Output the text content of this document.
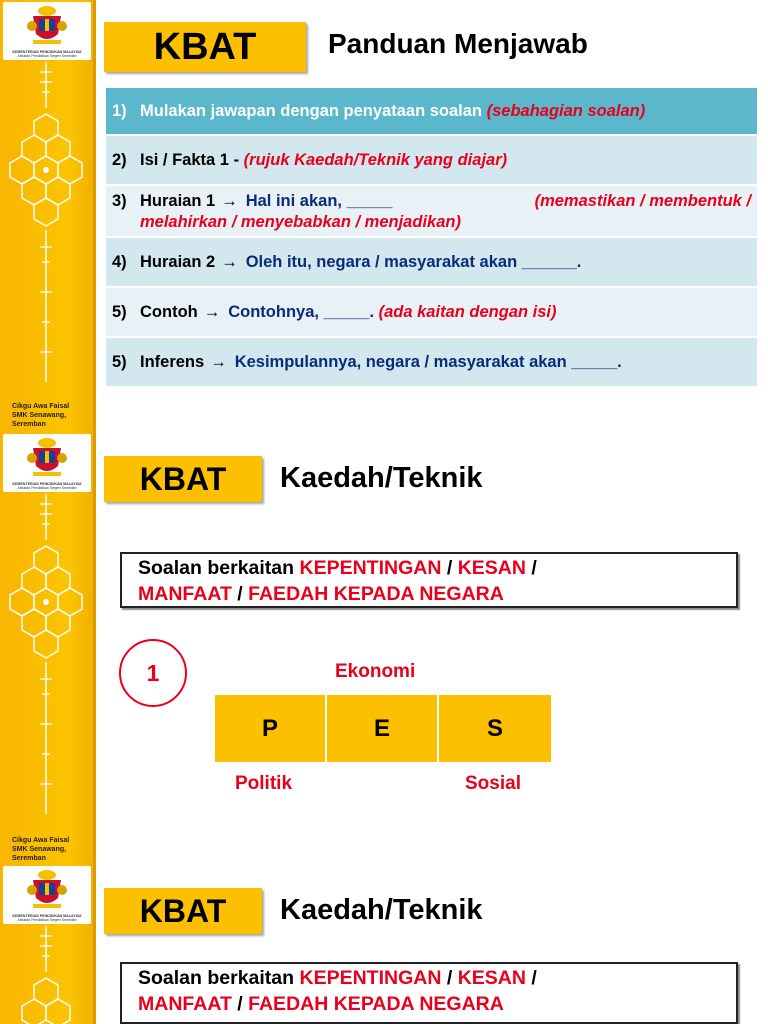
KEMENTERIAN PENDIDIKAN MALAYSIA
Jabatan Pendidikan Negeri Sembilan
Cikgu Awa Faisal
SMK Senawang, Seremban
KBAT	Panduan Menjawab
1) Mulakan jawapan dengan penyataan soalan
(sebahagian soalan)
2) Isi / Fakta 1
-
(rujuk Kaedah/Teknik yang diajar)
3) Huraian 1 → Hal ini akan, _____	(memastikan / membentuk /
melahirkan / menyebabkan / menjadikan)
4) Huraian 2 → Oleh itu, negara / masyarakat akan ______.
5) Contoh → Contohnya, _____.
(ada kaitan dengan isi)
5) Inferens → Kesimpulannya, negara / masyarakat akan _____.
KEMENTERIAN PENDIDIKAN MALAYSIA
Jabatan Pendidikan Negeri Sembilan
Cikgu Awa Faisal
SMK Senawang, Seremban
KBAT	Kaedah/Teknik
Soalan berkaitan KEPENTINGAN / KESAN /
MANFAAT / FAEDAH KEPADA NEGARA
1	Ekonomi
P	E	S
Politik	Sosial
KEMENTERIAN PENDIDIKAN MALAYSIA
Jabatan Pendidikan Negeri Sembilan	KBAT	Kaedah/Teknik
Soalan berkaitan KEPENTINGAN / KESAN /
MANFAAT / FAEDAH KEPADA NEGARA
